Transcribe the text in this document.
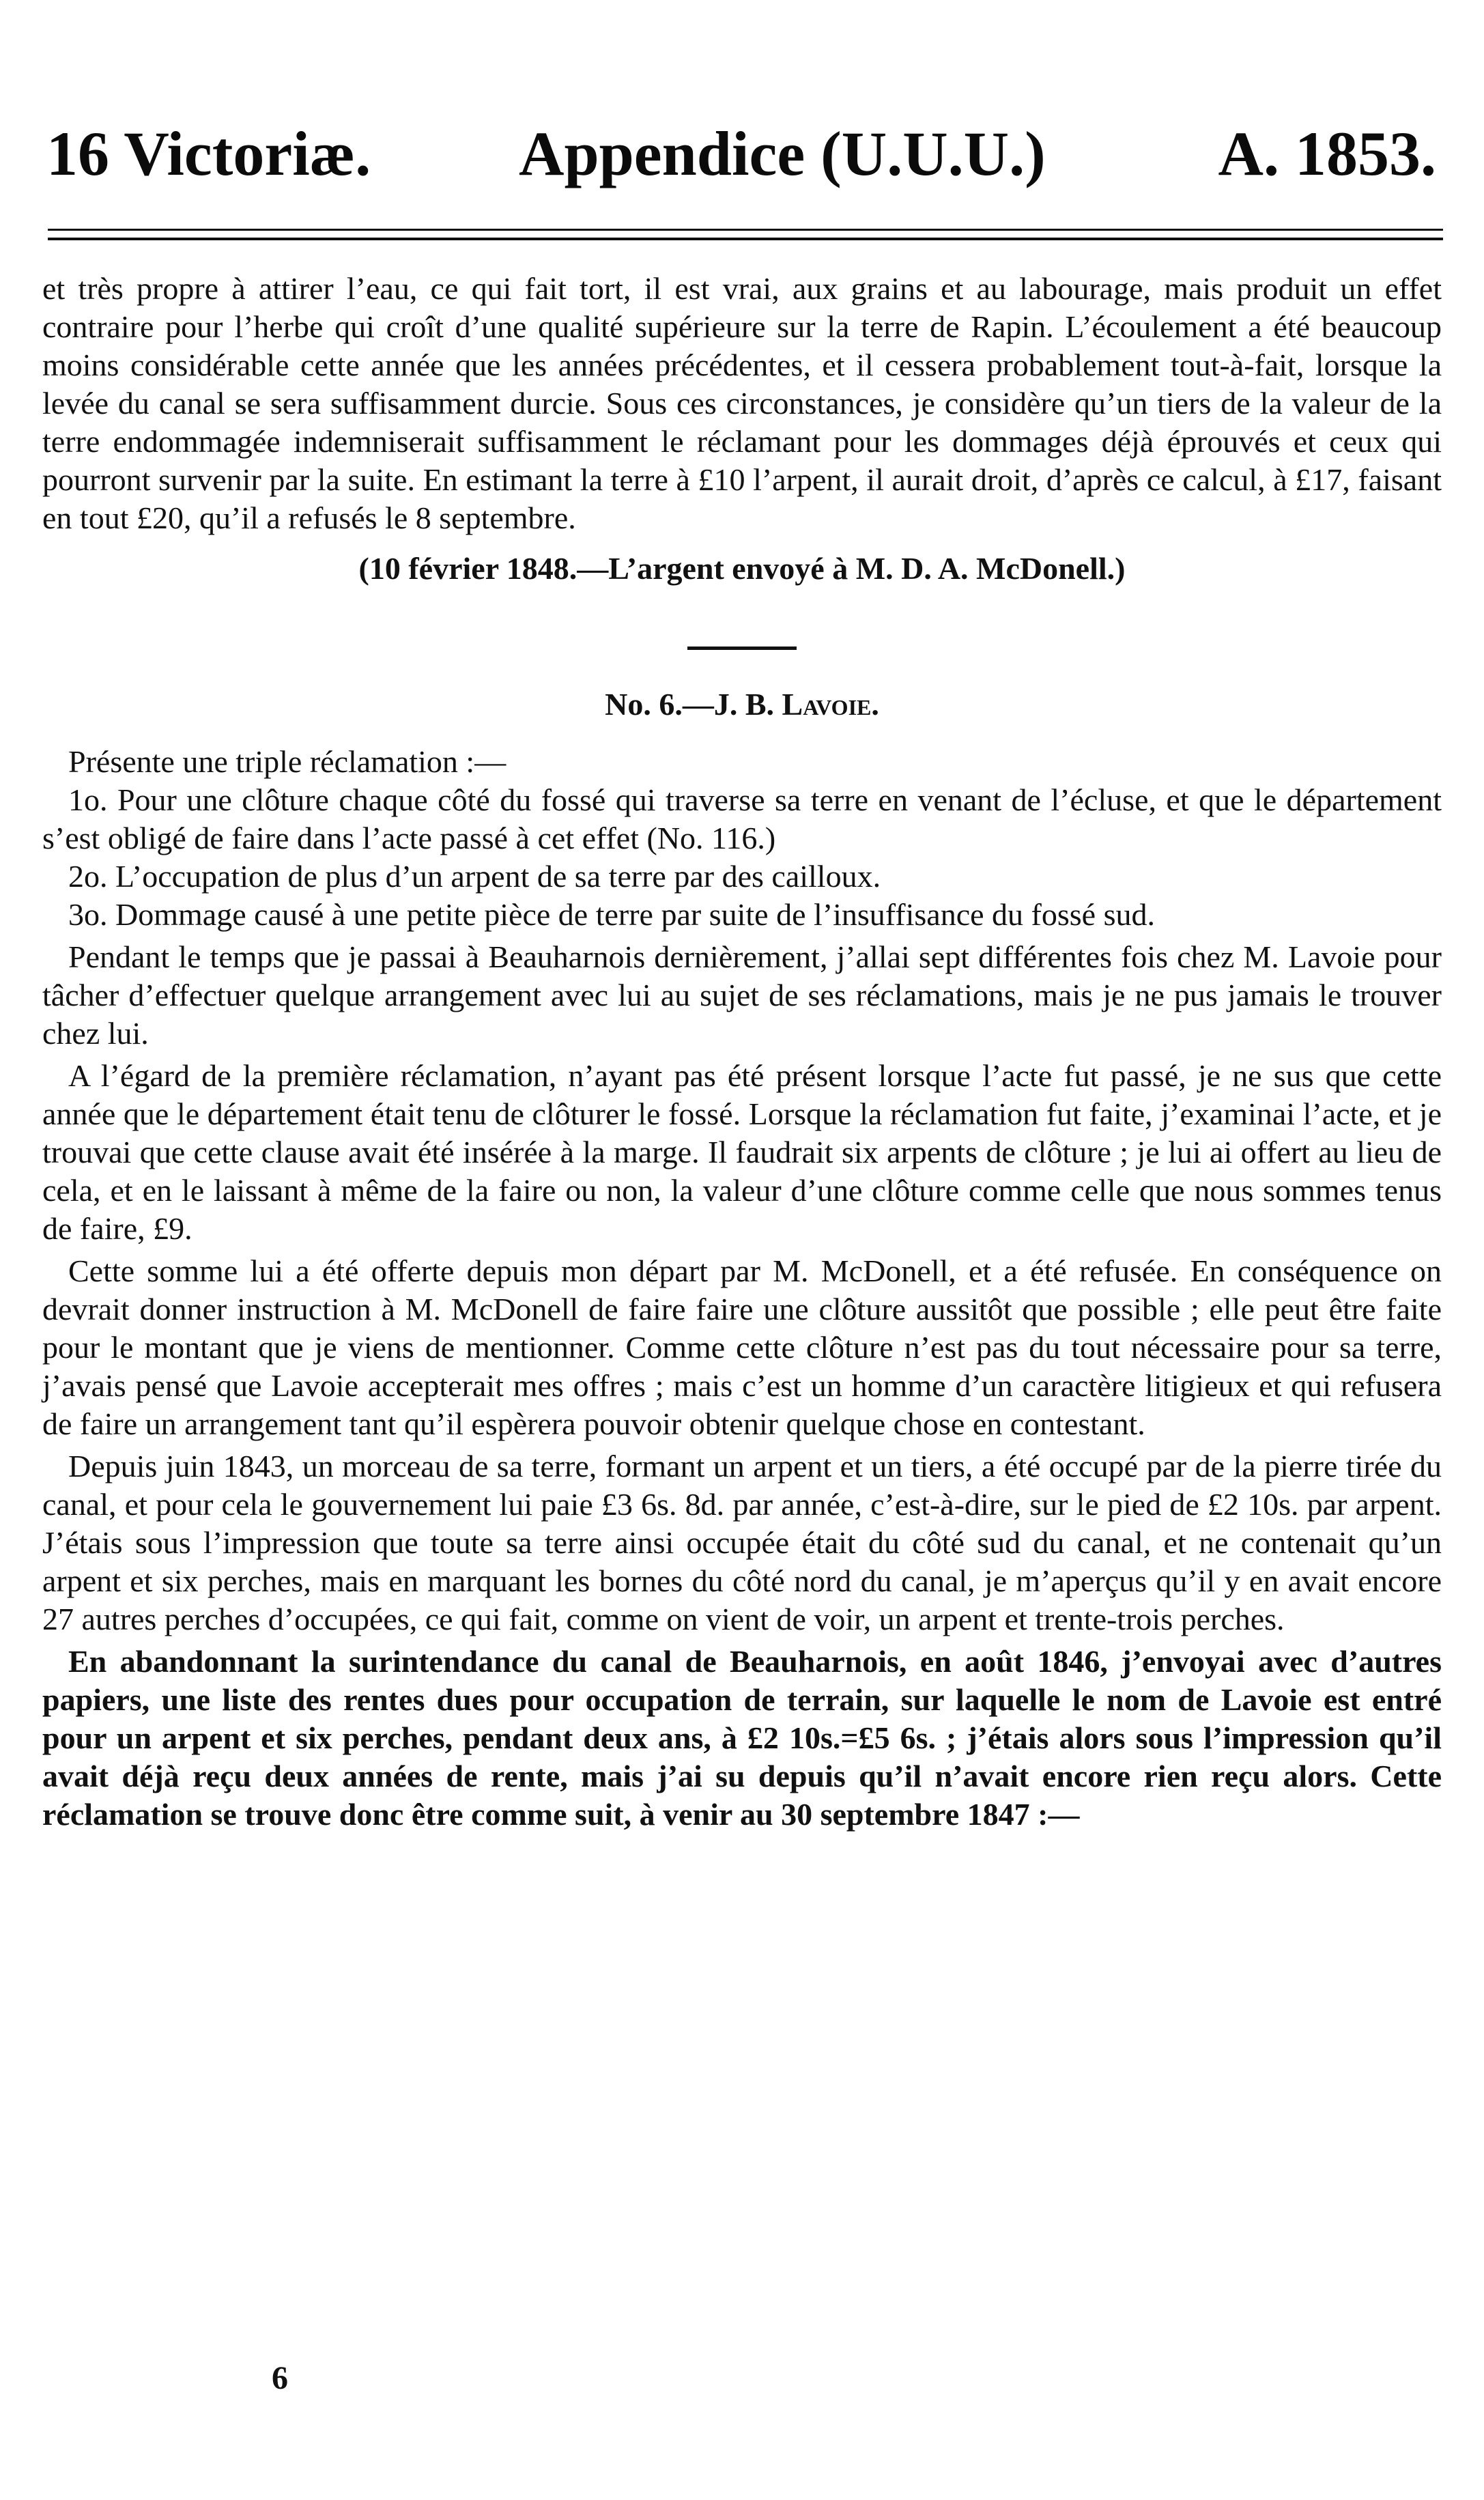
16 Victoriæ. Appendice (U.U.U.)	A. 1853.

et très propre à attirer l’eau, ce qui fait tort, il est vrai, aux grains et au labourage, mais produit un effet contraire pour l’herbe qui croît d’une qualité supérieure sur la terre de Rapin. L’écoulement a été beaucoup moins considérable cette année que les années précédentes, et il cessera probablement tout-à-fait, lorsque la levée du canal se sera suffisamment durcie. Sous ces circonstances, je considère qu’un tiers de la valeur de la terre endommagée indemniserait suffisamment le réclamant pour les dommages déjà éprouvés et ceux qui pourront survenir par la suite. En estimant la terre à £10 l’arpent, il aurait droit, d’après ce calcul, à £17, faisant en tout £20, qu’il a refusés le 8 septembre.

(10 février 1848.—L’argent envoyé à M. D. A. McDonell.)

No. 6.—J. B. Lavoie.

Présente une triple réclamation :—

1o. Pour une clôture chaque côté du fossé qui traverse sa terre en venant de l’écluse, et que le département s’est obligé de faire dans l’acte passé à cet effet (No. 116.)

2o. L’occupation de plus d’un arpent de sa terre par des cailloux.

3o. Dommage causé à une petite pièce de terre par suite de l’insuffisance du fossé sud.

Pendant le temps que je passai à Beauharnois dernièrement, j’allai sept différentes fois chez M. Lavoie pour tâcher d’effectuer quelque arrangement avec lui au sujet de ses réclamations, mais je ne pus jamais le trouver chez lui.

A l’égard de la première réclamation, n’ayant pas été présent lorsque l’acte fut passé, je ne sus que cette année que le département était tenu de clôturer le fossé. Lorsque la réclamation fut faite, j’examinai l’acte, et je trouvai que cette clause avait été insérée à la marge. Il faudrait six arpents de clôture ; je lui ai offert au lieu de cela, et en le laissant à même de la faire ou non, la valeur d’une clôture comme celle que nous sommes tenus de faire, £9.

Cette somme lui a été offerte depuis mon départ par M. McDonell, et a été refusée. En conséquence on devrait donner instruction à M. McDonell de faire faire une clôture aussitôt que possible ; elle peut être faite pour le montant que je viens de mentionner. Comme cette clôture n’est pas du tout nécessaire pour sa terre, j’avais pensé que Lavoie accepterait mes offres ; mais c’est un homme d’un caractère litigieux et qui refusera de faire un arrangement tant qu’il espèrera pouvoir obtenir quelque chose en contestant.

Depuis juin 1843, un morceau de sa terre, formant un arpent et un tiers, a été occupé par de la pierre tirée du canal, et pour cela le gouvernement lui paie £3 6s. 8d. par année, c’est-à-dire, sur le pied de £2 10s. par arpent. J’étais sous l’impression que toute sa terre ainsi occupée était du côté sud du canal, et ne contenait qu’un arpent et six perches, mais en marquant les bornes du côté nord du canal, je m’aperçus qu’il y en avait encore 27 autres perches d’occupées, ce qui fait, comme on vient de voir, un arpent et trente-trois perches.

En abandonnant la surintendance du canal de Beauharnois, en août 1846, j’envoyai avec d’autres papiers, une liste des rentes dues pour occupation de terrain, sur laquelle le nom de Lavoie est entré pour un arpent et six perches, pendant deux ans, à £2 10s.=£5 6s. ; j’étais alors sous l’impression qu’il avait déjà reçu deux années de rente, mais j’ai su depuis qu’il n’avait encore rien reçu alors. Cette réclamation se trouve donc être comme suit, à venir au 30 septembre 1847 :—

6
